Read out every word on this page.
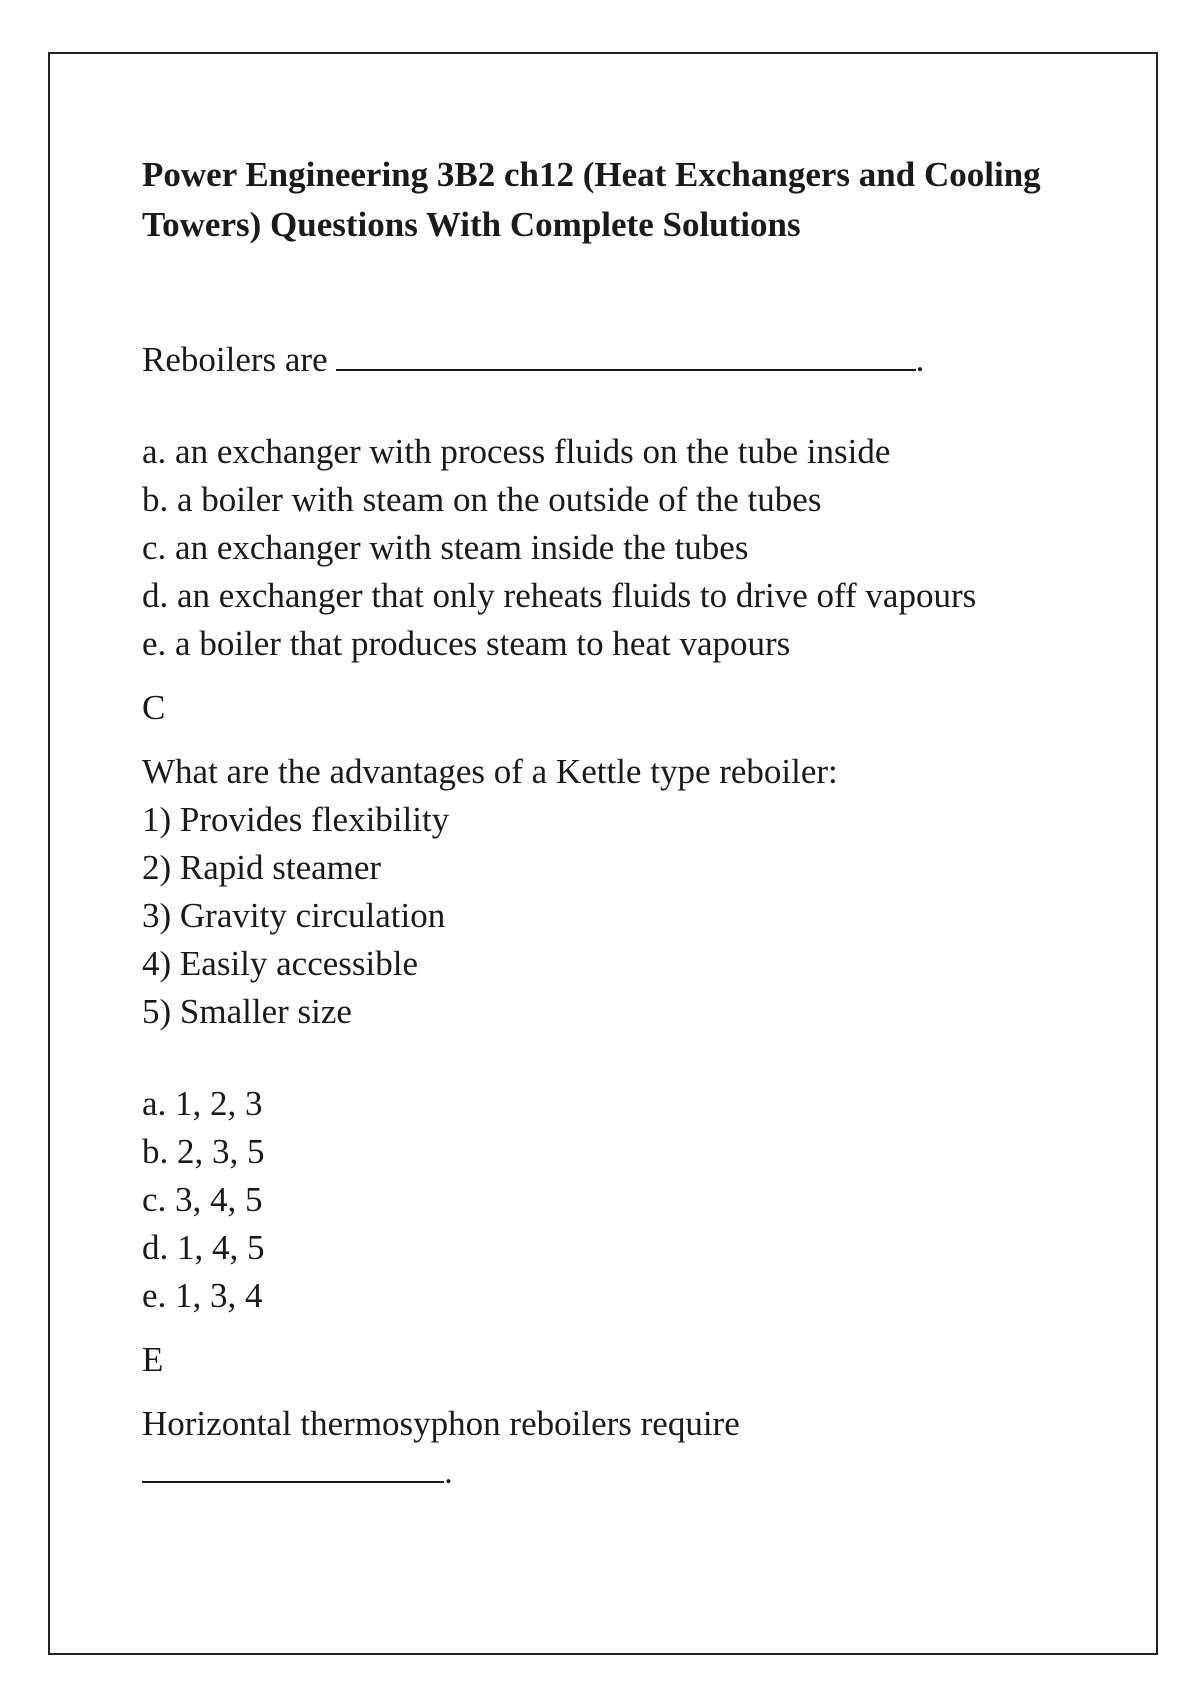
Power Engineering 3B2 ch12 (Heat Exchangers and Cooling
Towers) Questions With Complete Solutions
Reboilers are	.
a. an exchanger with process fluids on the tube inside
b. a boiler with steam on the outside of the tubes
c. an exchanger with steam inside the tubes
d. an exchanger that only reheats fluids to drive off vapours
e. a boiler that produces steam to heat vapours
C
What are the advantages of a Kettle type reboiler:
1) Provides flexibility
2) Rapid steamer
3) Gravity circulation
4) Easily accessible
5) Smaller size
a. 1, 2, 3
b. 2, 3, 5
c. 3, 4, 5
d. 1, 4, 5
e. 1, 3, 4
E
Horizontal thermosyphon reboilers require
.
